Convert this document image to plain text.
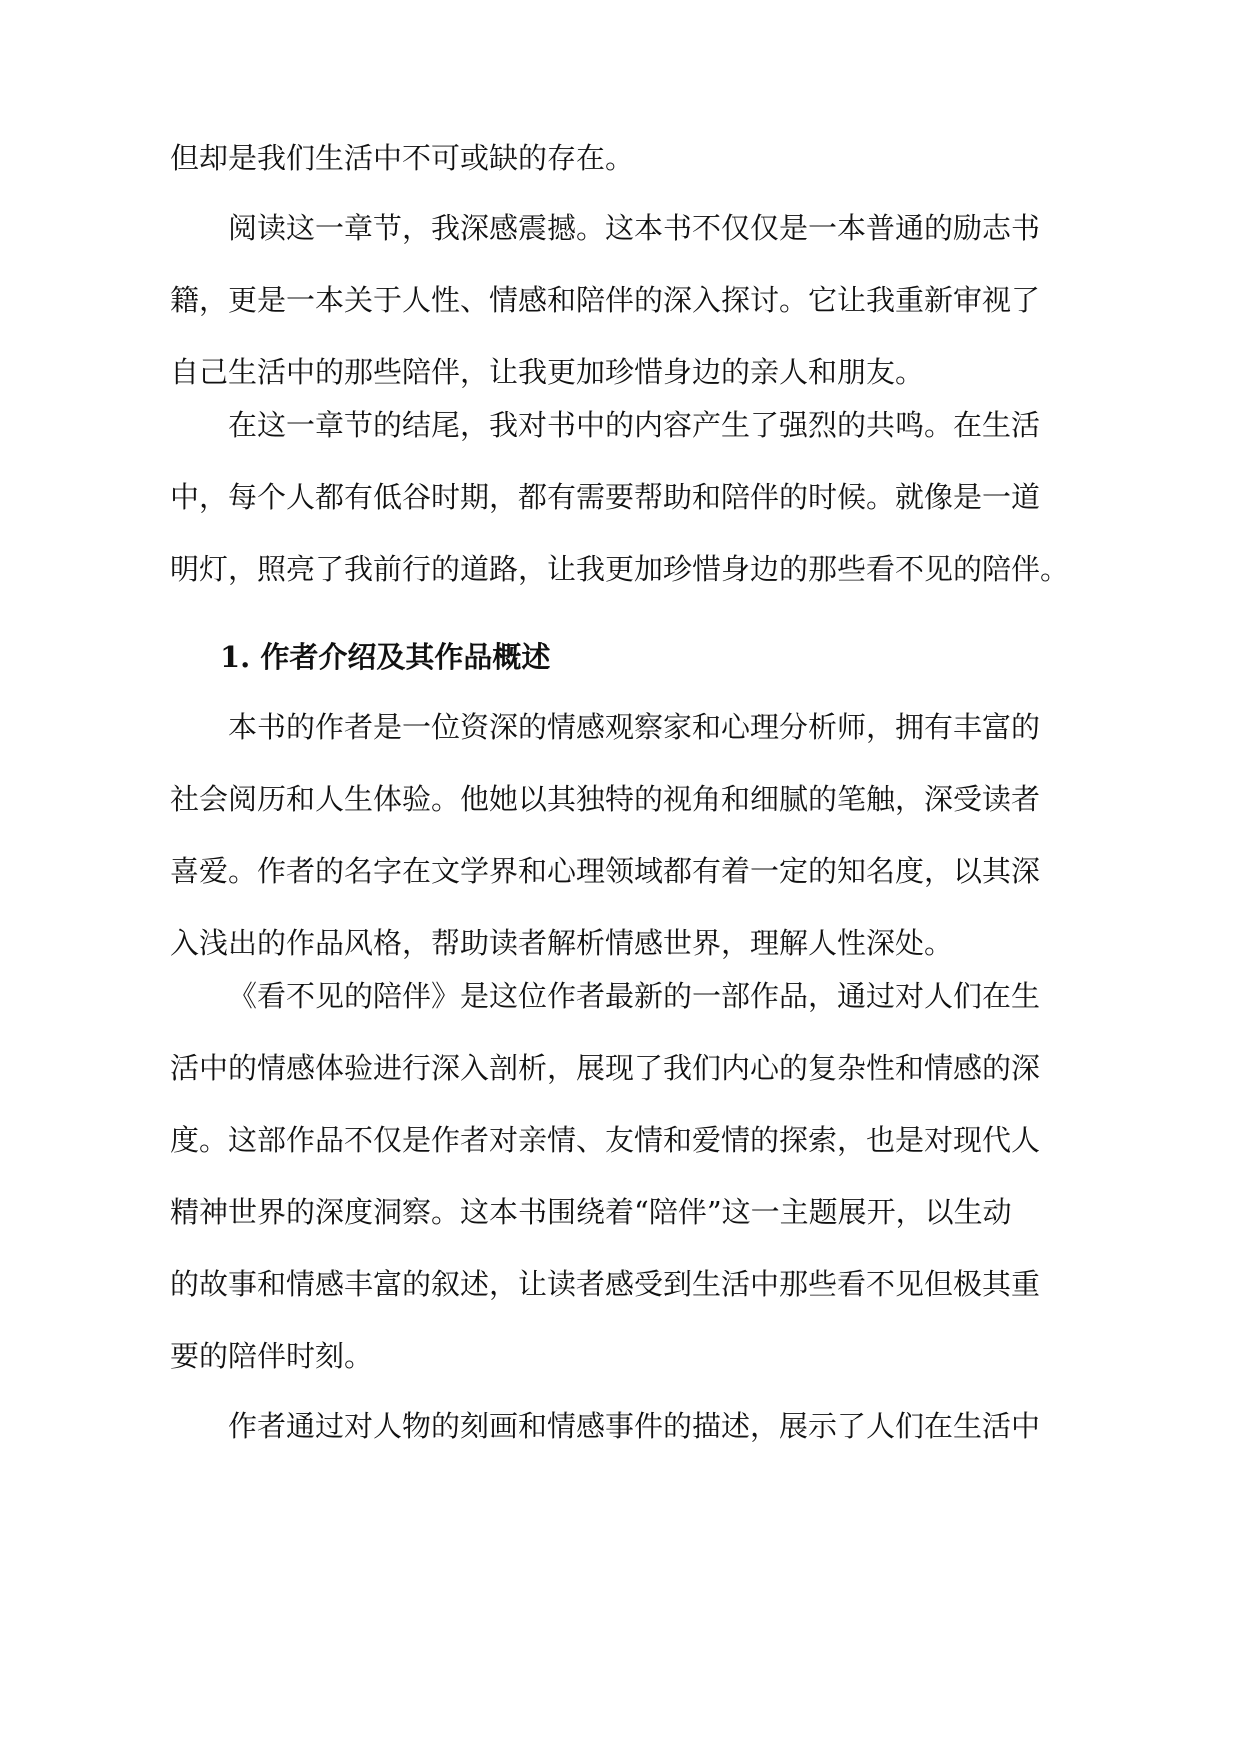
但却是我们生活中不可或缺的存在。

阅读这一章节，我深感震撼。这本书不仅仅是一本普通的励志书

籍，更是一本关于人性、情感和陪伴的深入探讨。它让我重新审视了

自己生活中的那些陪伴，让我更加珍惜身边的亲人和朋友。

在这一章节的结尾，我对书中的内容产生了强烈的共鸣。在生活

中，每个人都有低谷时期，都有需要帮助和陪伴的时候。就像是一道

明灯，照亮了我前行的道路，让我更加珍惜身边的那些看不见的陪伴。

1. 作者介绍及其作品概述

本书的作者是一位资深的情感观察家和心理分析师，拥有丰富的

社会阅历和人生体验。他她以其独特的视角和细腻的笔触，深受读者

喜爱。作者的名字在文学界和心理领域都有着一定的知名度，以其深

入浅出的作品风格，帮助读者解析情感世界，理解人性深处。

《看不见的陪伴》是这位作者最新的一部作品，通过对人们在生

活中的情感体验进行深入剖析，展现了我们内心的复杂性和情感的深

度。这部作品不仅是作者对亲情、友情和爱情的探索，也是对现代人

精神世界的深度洞察。这本书围绕着“陪伴”这一主题展开，以生动

的故事和情感丰富的叙述，让读者感受到生活中那些看不见但极其重

要的陪伴时刻。

作者通过对人物的刻画和情感事件的描述，展示了人们在生活中
